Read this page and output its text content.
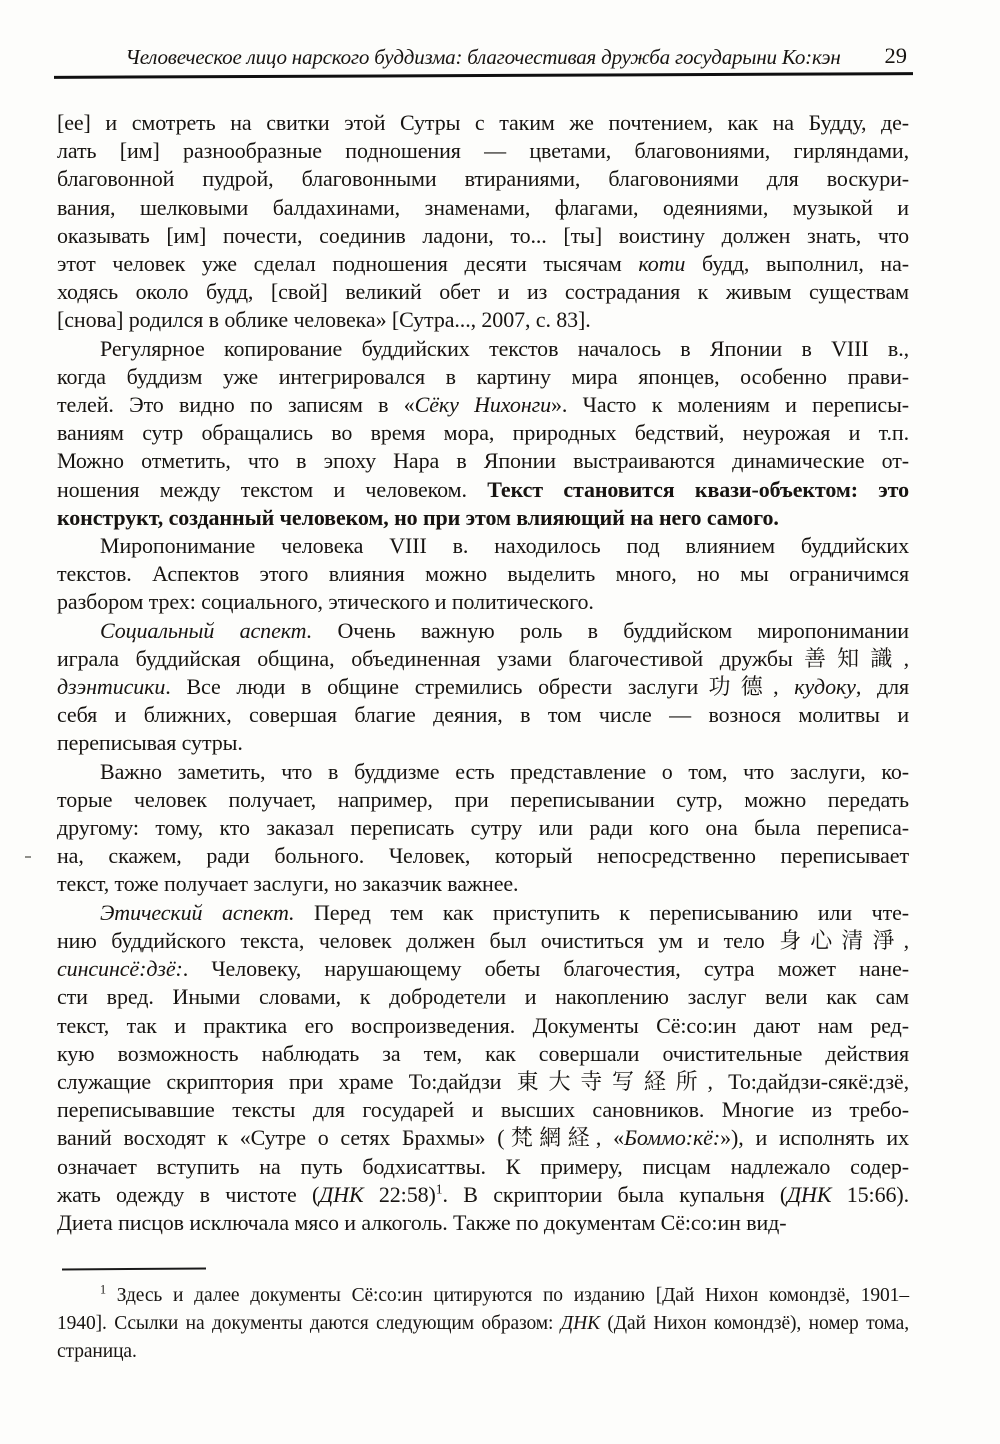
Человеческое лицо нарского буддизма: благочестивая дружба государыни Ко:кэн	29
[ее] и смотреть на свитки этой Сутры с таким же почтением, как на Будду, де-
лать [им] разнообразные подношения — цветами, благовониями, гирляндами,
благовонной пудрой, благовонными втираниями, благовониями для воскури-
вания, шелковыми балдахинами, знаменами, флагами, одеяниями, музыкой и
оказывать [им] почести, соединив ладони, то... [ты] воистину должен знать, что
этот человек уже сделал подношения десяти тысячам коти будд, выполнил, на-
ходясь около будд, [свой] великий обет и из сострадания к живым существам
[снова] родился в облике человека» [Сутра..., 2007, с. 83].
Регулярное копирование буддийских текстов началось в Японии в VIII в.,
когда буддизм уже интегрировался в картину мира японцев, особенно прави-
телей. Это видно по записям в «Сёку Нихонги». Часто к молениям и переписы-
ваниям сутр обращались во время мора, природных бедствий, неурожая и т.п.
Можно отметить, что в эпоху Нара в Японии выстраиваются динамические от-
ношения между текстом и человеком. Текст становится квази-объектом: это
конструкт, созданный человеком, но при этом влияющий на него самого.
Миропонимание человека VIII в. находилось под влиянием буддийских
текстов. Аспектов этого влияния можно выделить много, но мы ограничимся
разбором трех: социального, этического и политического.
Социальный аспект. Очень важную роль в буддийском миропонимании
играла буддийская община, объединенная узами благочестивой дружбы善知識,
дзэнтисики. Все люди в общине стремились обрести заслуги功德, кудоку, для
себя и ближних, совершая благие деяния, в том числе — вознося молитвы и
переписывая сутры.
Важно заметить, что в буддизме есть представление о том, что заслуги, ко-
торые человек получает, например, при переписывании сутр, можно передать
другому: тому, кто заказал переписать сутру или ради кого она была переписа-
на, скажем, ради больного. Человек, который непосредственно переписывает
текст, тоже получает заслуги, но заказчик важнее.
Этический аспект. Перед тем как приступить к переписыванию или чте-
нию буддийского текста, человек должен был очиститься ум и тело 身心清淨,
синсинсё:дзё:. Человеку, нарушающему обеты благочестия, сутра может нане-
сти вред. Иными словами, к добродетели и накоплению заслуг вели как сам
текст, так и практика его воспроизведения. Документы Сё:со:ин дают нам ред-
кую возможность наблюдать за тем, как совершали очистительные действия
служащие скриптория при храме То:дайдзи 東大寺写経所, То:дайдзи-сякё:дзё,
переписывавшие тексты для государей и высших сановников. Многие из требо-
ваний восходят к «Сутре о сетях Брахмы» (梵網経, «Боммо:кё:»), и исполнять их
означает вступить на путь бодхисаттвы. К примеру, писцам надлежало содер-
жать одежду в чистоте (ДНК 22:58)$^1$. В скриптории была купальня (ДНК 15:66).
Диета писцов исключала мясо и алкоголь. Также по документам Сё:со:ин вид-
$^1$ Здесь и далее документы Сё:со:ин цитируются по изданию [Дай Нихон комондзё, 1901–
1940]. Ссылки на документы даются следующим образом: ДНК (Дай Нихон комондзё), номер тома,
страница.
